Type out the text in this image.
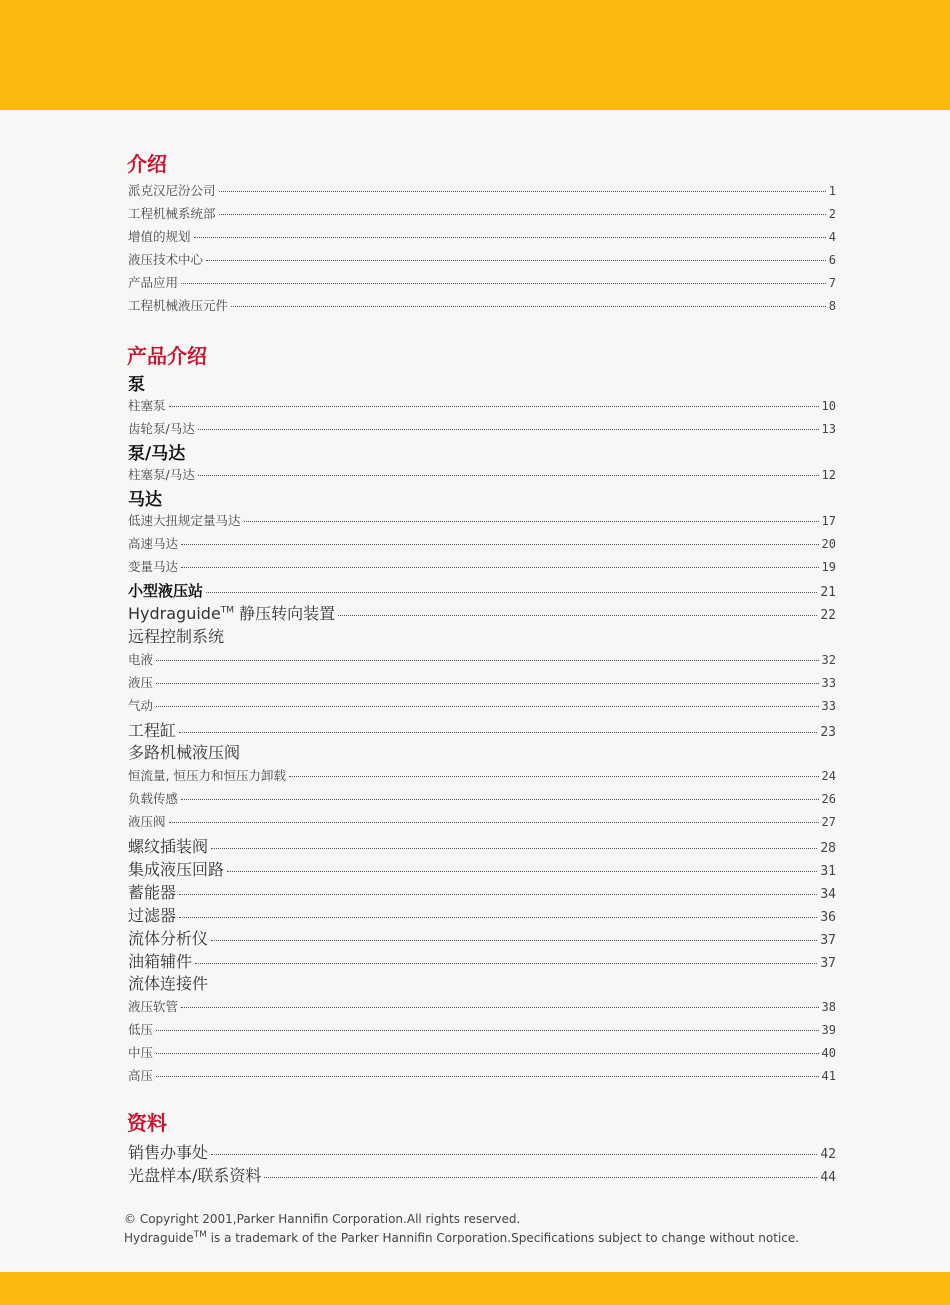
介绍
派克汉尼汾公司	1
工程机械系统部	2
增值的规划	4
液压技术中心	6
产品应用	7
工程机械液压元件	8
产品介绍
泵
柱塞泵	10
齿轮泵/马达	13
泵/马达
柱塞泵/马达	12
马达
低速大扭规定量马达	17
高速马达	20
变量马达	19
小型液压站	21
Hydraguide™ 静压转向装置	22
远程控制系统
电液	32
液压	33
气动	33
工程缸	23
多路机械液压阀
恒流量, 恒压力和恒压力卸载	24
负载传感	26
液压阀	27
螺纹插装阀	28
集成液压回路	31
蓄能器	34
过滤器	36
流体分析仪	37
油箱辅件	37
流体连接件
液压软管	38
低压	39
中压	40
高压	41
资料
销售办事处	42
光盘样本/联系资料	44
© Copyright 2001,Parker Hannifin Corporation.All rights reserved.
Hydraguide™ is a trademark of the Parker Hannifin Corporation.Specifications subject to change without notice.
